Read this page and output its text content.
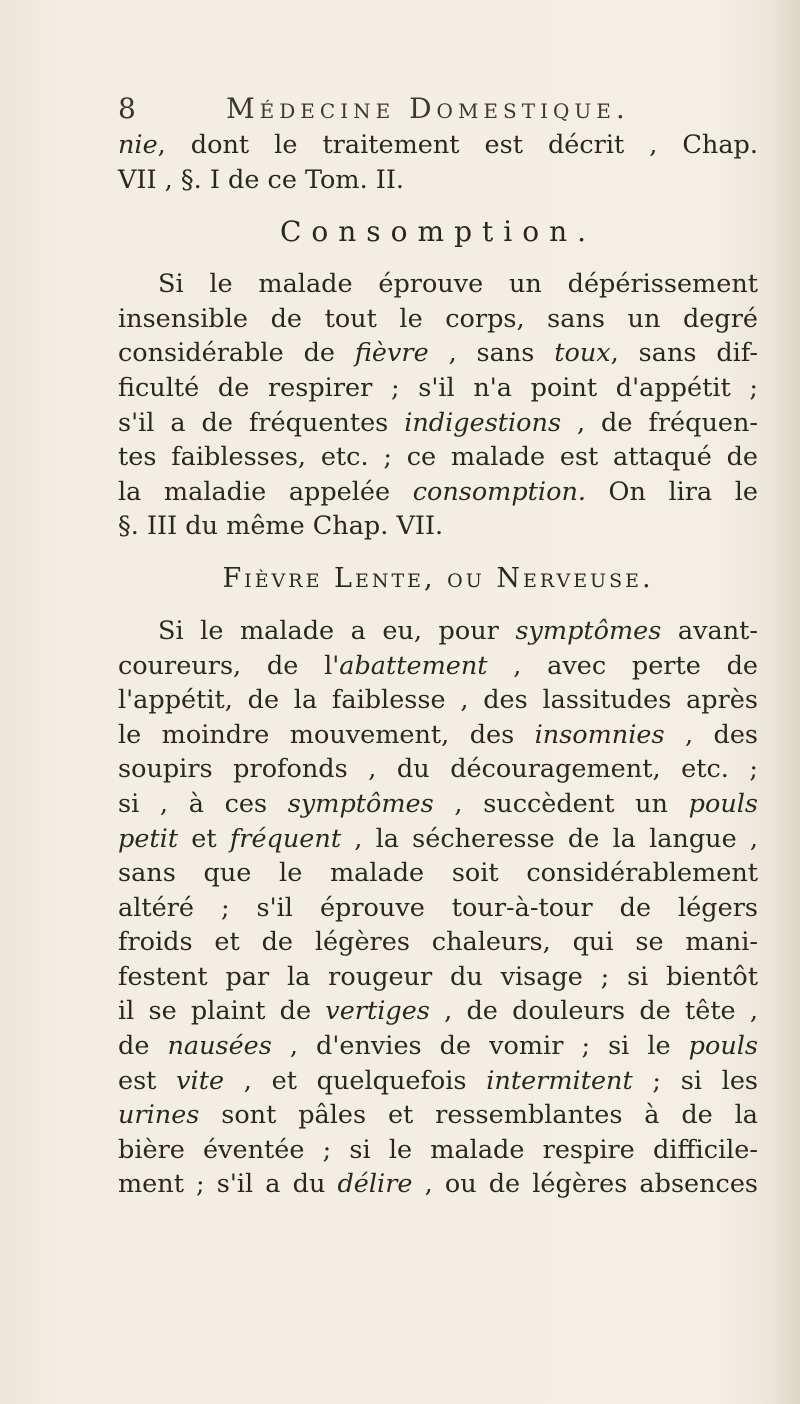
8	Médecine Domestique.
nie, dont le traitement est décrit , Chap.
VII , §. I de ce Tom. II.
Consomption.
Si le malade éprouve un dépérissement
insensible de tout le corps, sans un degré
considérable de fièvre , sans toux, sans dif-
ficulté de respirer ; s'il n'a point d'appétit ;
s'il a de fréquentes indigestions , de fréquen-
tes faiblesses, etc. ; ce malade est attaqué de
la maladie appelée consomption. On lira le
§. III du même Chap. VII.
Fièvre Lente, ou Nerveuse.
Si le malade a eu, pour symptômes avant-
coureurs, de l'abattement , avec perte de
l'appétit, de la faiblesse , des lassitudes après
le moindre mouvement, des insomnies , des
soupirs profonds , du découragement, etc. ;
si , à ces symptômes , succèdent un pouls
petit et fréquent , la sécheresse de la langue ,
sans que le malade soit considérablement
altéré ; s'il éprouve tour-à-tour de légers
froids et de légères chaleurs, qui se mani-
festent par la rougeur du visage ; si bientôt
il se plaint de vertiges , de douleurs de tête ,
de nausées , d'envies de vomir ; si le pouls
est vite , et quelquefois intermitent ; si les
urines sont pâles et ressemblantes à de la
bière éventée ; si le malade respire difficile-
ment ; s'il a du délire , ou de légères absences
